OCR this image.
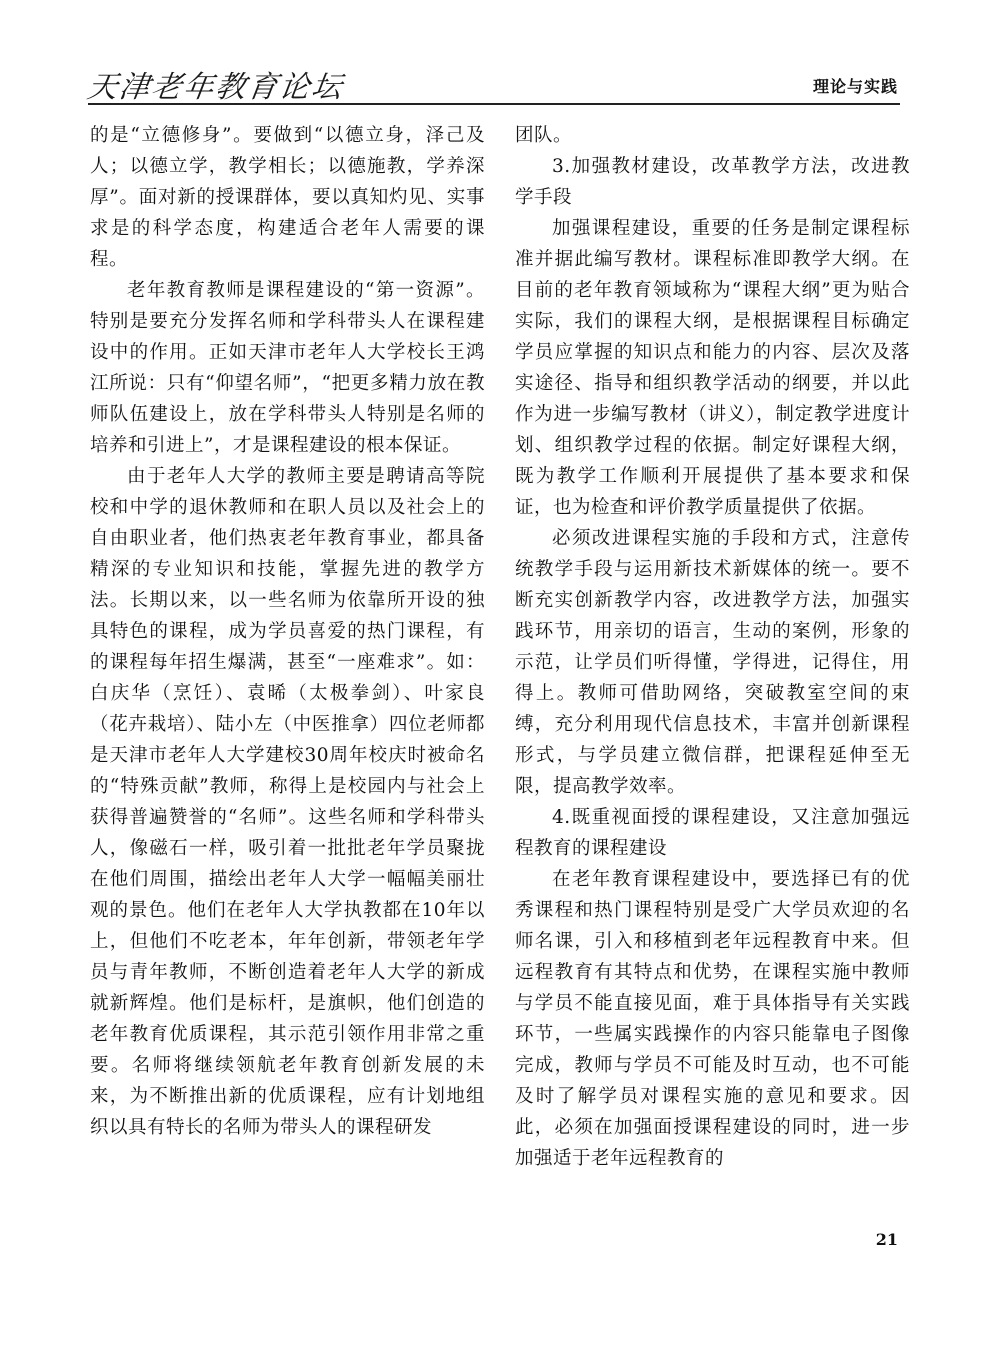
天津老年教育论坛	理论与实践

的是“立德修身”。要做到“以德立身，泽己及人；以德立学，教学相长；以德施教，学养深厚”。面对新的授课群体，要以真知灼见、实事求是的科学态度，构建适合老年人需要的课程。

老年教育教师是课程建设的“第一资源”。特别是要充分发挥名师和学科带头人在课程建设中的作用。正如天津市老年人大学校长王鸿江所说：只有“仰望名师”，“把更多精力放在教师队伍建设上，放在学科带头人特别是名师的培养和引进上”，才是课程建设的根本保证。

由于老年人大学的教师主要是聘请高等院校和中学的退休教师和在职人员以及社会上的自由职业者，他们热衷老年教育事业，都具备精深的专业知识和技能，掌握先进的教学方法。长期以来，以一些名师为依靠所开设的独具特色的课程，成为学员喜爱的热门课程，有的课程每年招生爆满，甚至“一座难求”。如：白庆华（烹饪）、袁晞（太极拳剑）、叶家良（花卉栽培）、陆小左（中医推拿）四位老师都是天津市老年人大学建校30周年校庆时被命名的“特殊贡献”教师，称得上是校园内与社会上获得普遍赞誉的“名师”。这些名师和学科带头人，像磁石一样，吸引着一批批老年学员聚拢在他们周围，描绘出老年人大学一幅幅美丽壮观的景色。他们在老年人大学执教都在10年以上，但他们不吃老本，年年创新，带领老年学员与青年教师，不断创造着老年人大学的新成就新辉煌。他们是标杆，是旗帜，他们创造的老年教育优质课程，其示范引领作用非常之重要。名师将继续领航老年教育创新发展的未来，为不断推出新的优质课程，应有计划地组织以具有特长的名师为带头人的课程研发

团队。

3.加强教材建设，改革教学方法，改进教学手段

加强课程建设，重要的任务是制定课程标准并据此编写教材。课程标准即教学大纲。在目前的老年教育领域称为“课程大纲”更为贴合实际，我们的课程大纲，是根据课程目标确定学员应掌握的知识点和能力的内容、层次及落实途径、指导和组织教学活动的纲要，并以此作为进一步编写教材（讲义），制定教学进度计划、组织教学过程的依据。制定好课程大纲，既为教学工作顺利开展提供了基本要求和保证，也为检查和评价教学质量提供了依据。

必须改进课程实施的手段和方式，注意传统教学手段与运用新技术新媒体的统一。要不断充实创新教学内容，改进教学方法，加强实践环节，用亲切的语言，生动的案例，形象的示范，让学员们听得懂，学得进，记得住，用得上。教师可借助网络，突破教室空间的束缚，充分利用现代信息技术，丰富并创新课程形式，与学员建立微信群，把课程延伸至无限，提高教学效率。

4.既重视面授的课程建设，又注意加强远程教育的课程建设

在老年教育课程建设中，要选择已有的优秀课程和热门课程特别是受广大学员欢迎的名师名课，引入和移植到老年远程教育中来。但远程教育有其特点和优势，在课程实施中教师与学员不能直接见面，难于具体指导有关实践环节，一些属实践操作的内容只能靠电子图像完成，教师与学员不可能及时互动，也不可能及时了解学员对课程实施的意见和要求。因此，必须在加强面授课程建设的同时，进一步加强适于老年远程教育的

21
